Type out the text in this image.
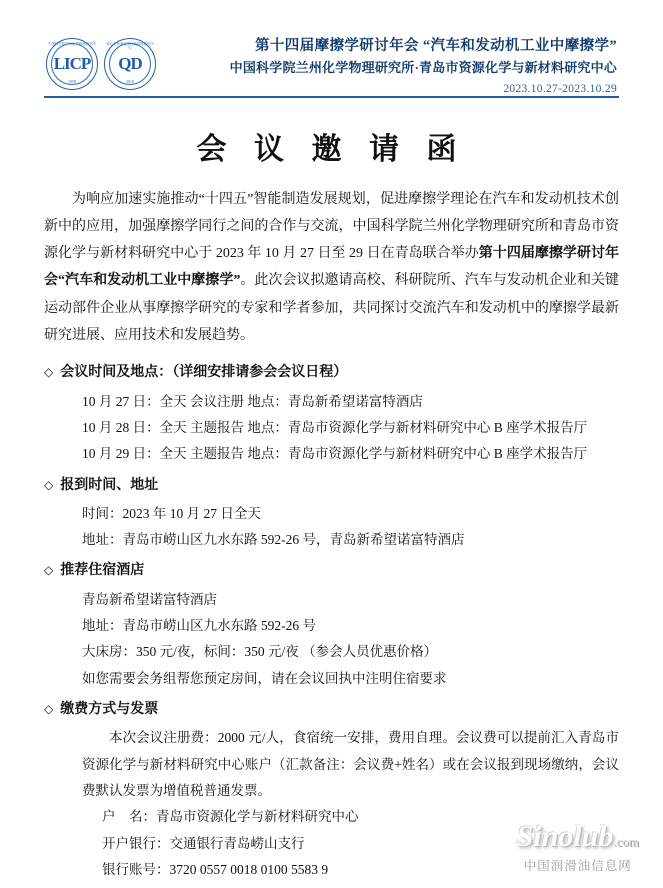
中国科学院兰州化学物理研究所
LICP
1958
青岛市资源化学与新材料研究中心
QD
2019
第十四届摩擦学研讨年会 “汽车和发动机工业中摩擦学”
中国科学院兰州化学物理研究所·青岛市资源化学与新材料研究中心
2023.10.27-2023.10.29
会 议 邀 请 函

为响应加速实施推动“十四五”智能制造发展规划，促进摩擦学理论在汽车和发动机技术创新中的应用，加强摩擦学同行之间的合作与交流，中国科学院兰州化学物理研究所和青岛市资源化学与新材料研究中心于 2023 年 10 月 27 日至 29 日在青岛联合举办第十四届摩擦学研讨年会“汽车和发动机工业中摩擦学”。此次会议拟邀请高校、科研院所、汽车与发动机企业和关键运动部件企业从事摩擦学研究的专家和学者参加，共同探讨交流汽车和发动机中的摩擦学最新研究进展、应用技术和发展趋势。

◇ 会议时间及地点：（详细安排请参会会议日程）
10 月 27 日：全天 会议注册 地点：青岛新希望诺富特酒店
10 月 28 日：全天 主题报告 地点：青岛市资源化学与新材料研究中心 B 座学术报告厅
10 月 29 日：全天 主题报告 地点：青岛市资源化学与新材料研究中心 B 座学术报告厅
◇ 报到时间、地址
时间：2023 年 10 月 27 日全天
地址：青岛市崂山区九水东路 592-26 号，青岛新希望诺富特酒店
◇ 推荐住宿酒店
青岛新希望诺富特酒店
地址：青岛市崂山区九水东路 592-26 号
大床房：350 元/夜，标间：350 元/夜 （参会人员优惠价格）
如您需要会务组帮您预定房间，请在会议回执中注明住宿要求
◇ 缴费方式与发票
本次会议注册费：2000 元/人，食宿统一安排，费用自理。会议费可以提前汇入青岛市资源化学与新材料研究中心账户（汇款备注：会议费+姓名）或在会议报到现场缴纳，会议费默认发票为增值税普通发票。
户    名：青岛市资源化学与新材料研究中心
开户银行：交通银行青岛崂山支行
银行账号：3720 0557 0018 0100 5583 9
Sinolub.com
中国润滑油信息网
